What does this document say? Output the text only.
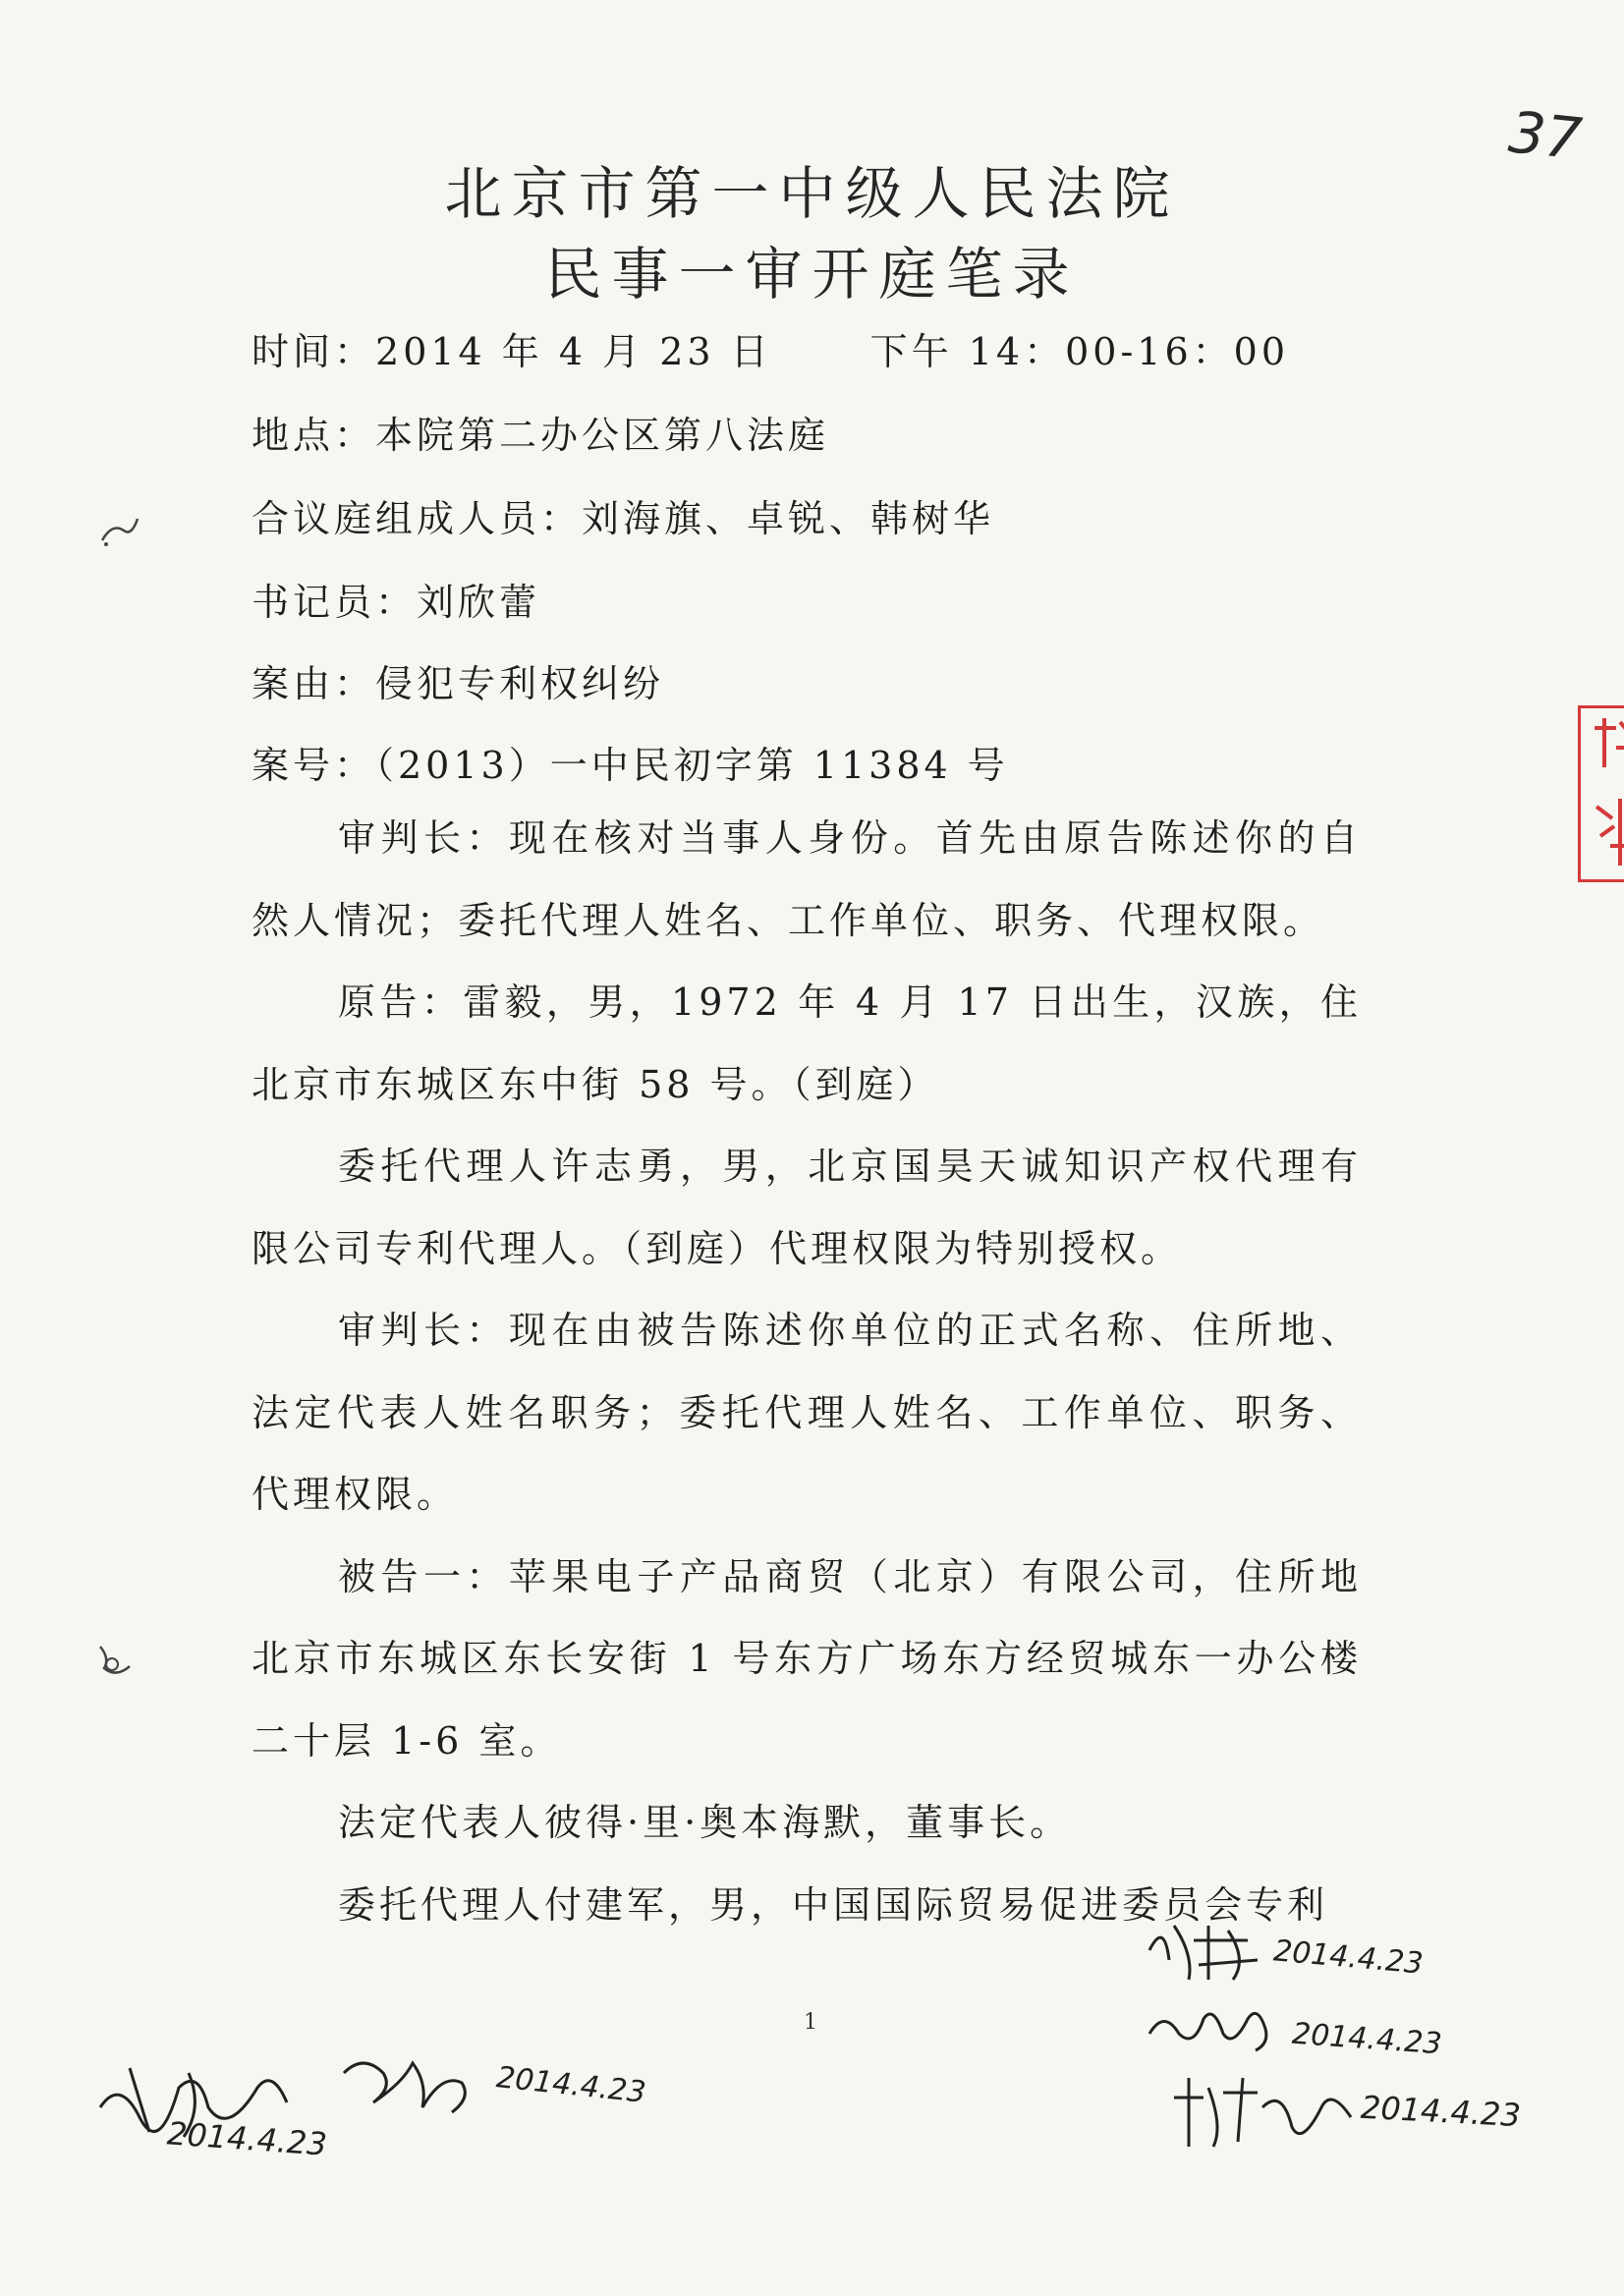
37
北京市第一中级人民法院
民事一审开庭笔录
时间：2014 年 4 月 23 日	下午 14：00-16：00
地点：本院第二办公区第八法庭
合议庭组成人员：刘海旗、卓锐、韩树华
书记员：刘欣蕾
案由：侵犯专利权纠纷
案号：（2013）一中民初字第 11384 号

审判长：现在核对当事人身份。首先由原告陈述你的自然人情况；委托代理人姓名、工作单位、职务、代理权限。

原告：雷毅，男，1972 年 4 月 17 日出生，汉族，住北京市东城区东中街 58 号。（到庭）

委托代理人许志勇，男，北京国昊天诚知识产权代理有限公司专利代理人。（到庭）代理权限为特别授权。

审判长：现在由被告陈述你单位的正式名称、住所地、法定代表人姓名职务；委托代理人姓名、工作单位、职务、代理权限。

被告一：苹果电子产品商贸（北京）有限公司，住所地北京市东城区东长安街 1 号东方广场东方经贸城东一办公楼二十层 1-6 室。

法定代表人彼得·里·奥本海默，董事长。

委托代理人付建军，男，中国国际贸易促进委员会专利

1
2014.4.23
2014.4.23
2014.4.23
2014.4.23
2014.4.23
